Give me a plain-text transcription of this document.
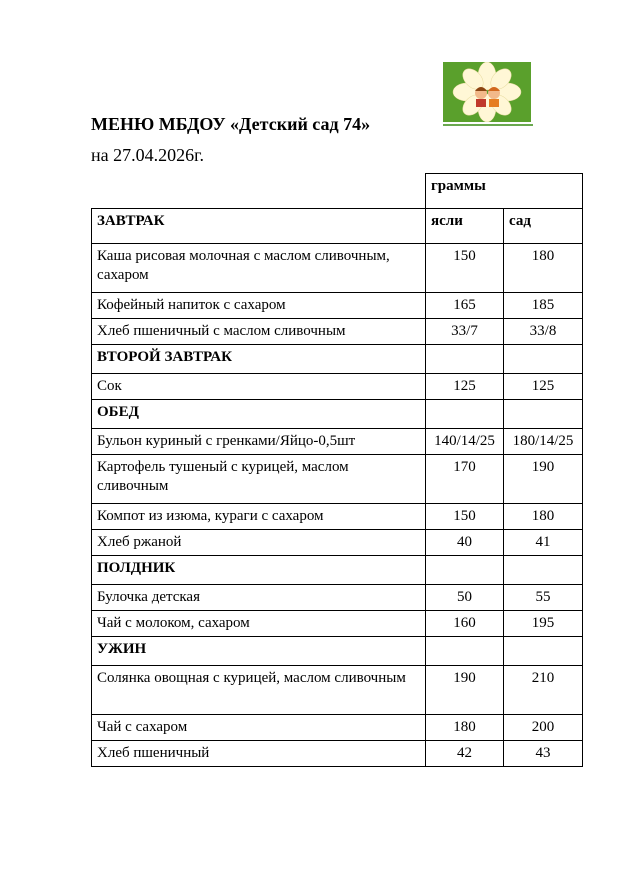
МЕНЮ МБДОУ «Детский сад 74»
на 27.04.2026г.
	граммы	
ЗАВТРАК	ясли	сад
Каша рисовая молочная с маслом сливочным, сахаром	150	180
Кофейный напиток с сахаром	165	185
Хлеб пшеничный с маслом сливочным	33/7	33/8
ВТОРОЙ ЗАВТРАК		
Сок	125	125
ОБЕД		
Бульон куриный с гренками/Яйцо-0,5шт	140/14/25	180/14/25
Картофель тушеный с курицей, маслом сливочным	170	190
Компот из изюма, кураги с сахаром	150	180
Хлеб ржаной	40	41
ПОЛДНИК		
Булочка детская	50	55
Чай с молоком, сахаром	160	195
УЖИН		
Солянка овощная с курицей, маслом сливочным	190	210
Чай с сахаром	180	200
Хлеб пшеничный	42	43
